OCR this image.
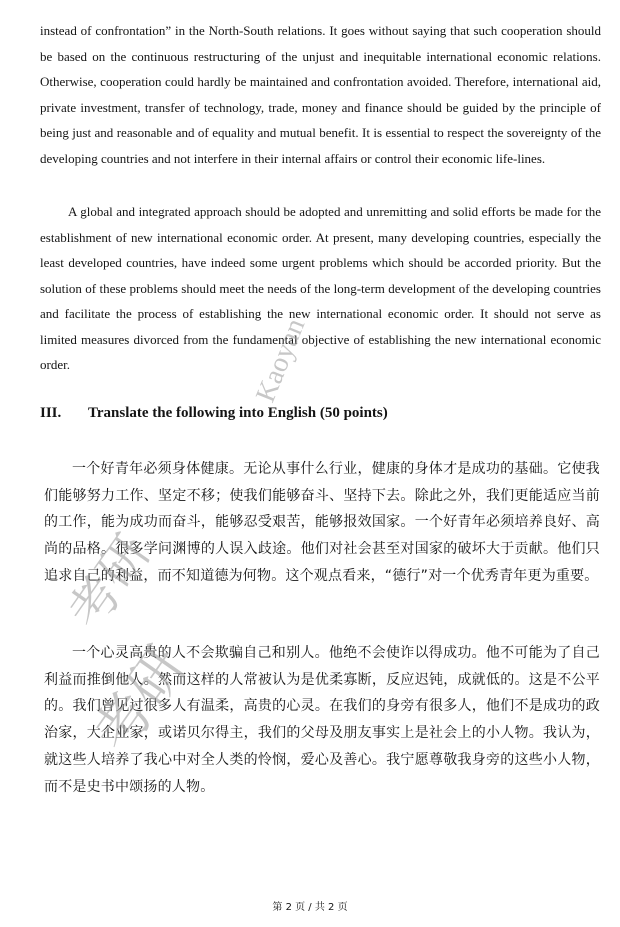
instead of confrontation” in the North-South relations. It goes without saying that such cooperation should be based on the continuous restructuring of the unjust and inequitable international economic relations. Otherwise, cooperation could hardly be maintained and confrontation avoided. Therefore, international aid, private investment, transfer of technology, trade, money and finance should be guided by the principle of being just and reasonable and of equality and mutual benefit. It is essential to respect the sovereignty of the developing countries and not interfere in their internal affairs or control their economic life-lines.

A global and integrated approach should be adopted and unremitting and solid efforts be made for the establishment of new international economic order. At present, many developing countries, especially the least developed countries, have indeed some urgent problems which should be accorded priority. But the solution of these problems should meet the needs of the long-term development of the developing countries and facilitate the process of establishing the new international economic order. It should not serve as limited measures divorced from the fundamental objective of establishing the new international economic order.

III. Translate the following into English (50 points)

一个好青年必须身体健康。无论从事什么行业，健康的身体才是成功的基础。它使我们能够努力工作、坚定不移；使我们能够奋斗、坚持下去。除此之外，我们更能适应当前的工作，能为成功而奋斗，能够忍受艰苦，能够报效国家。一个好青年必须培养良好、高尚的品格。很多学问渊博的人误入歧途。他们对社会甚至对国家的破坏大于贡献。他们只追求自己的利益，而不知道德为何物。这个观点看来，“德行”对一个优秀青年更为重要。

一个心灵高贵的人不会欺骗自己和别人。他绝不会使诈以得成功。他不可能为了自己利益而推倒他人。然而这样的人常被认为是优柔寡断，反应迟钝，成就低的。这是不公平的。我们曾见过很多人有温柔，高贵的心灵。在我们的身旁有很多人，他们不是成功的政治家，大企业家，或诺贝尔得主，我们的父母及朋友事实上是社会上的小人物。我认为，就这些人培养了我心中对全人类的怜悯，爱心及善心。我宁愿尊敬我身旁的这些小人物，而不是史书中颂扬的人物。

Kaoyan
考研
考研

第 2 页 / 共 2 页
